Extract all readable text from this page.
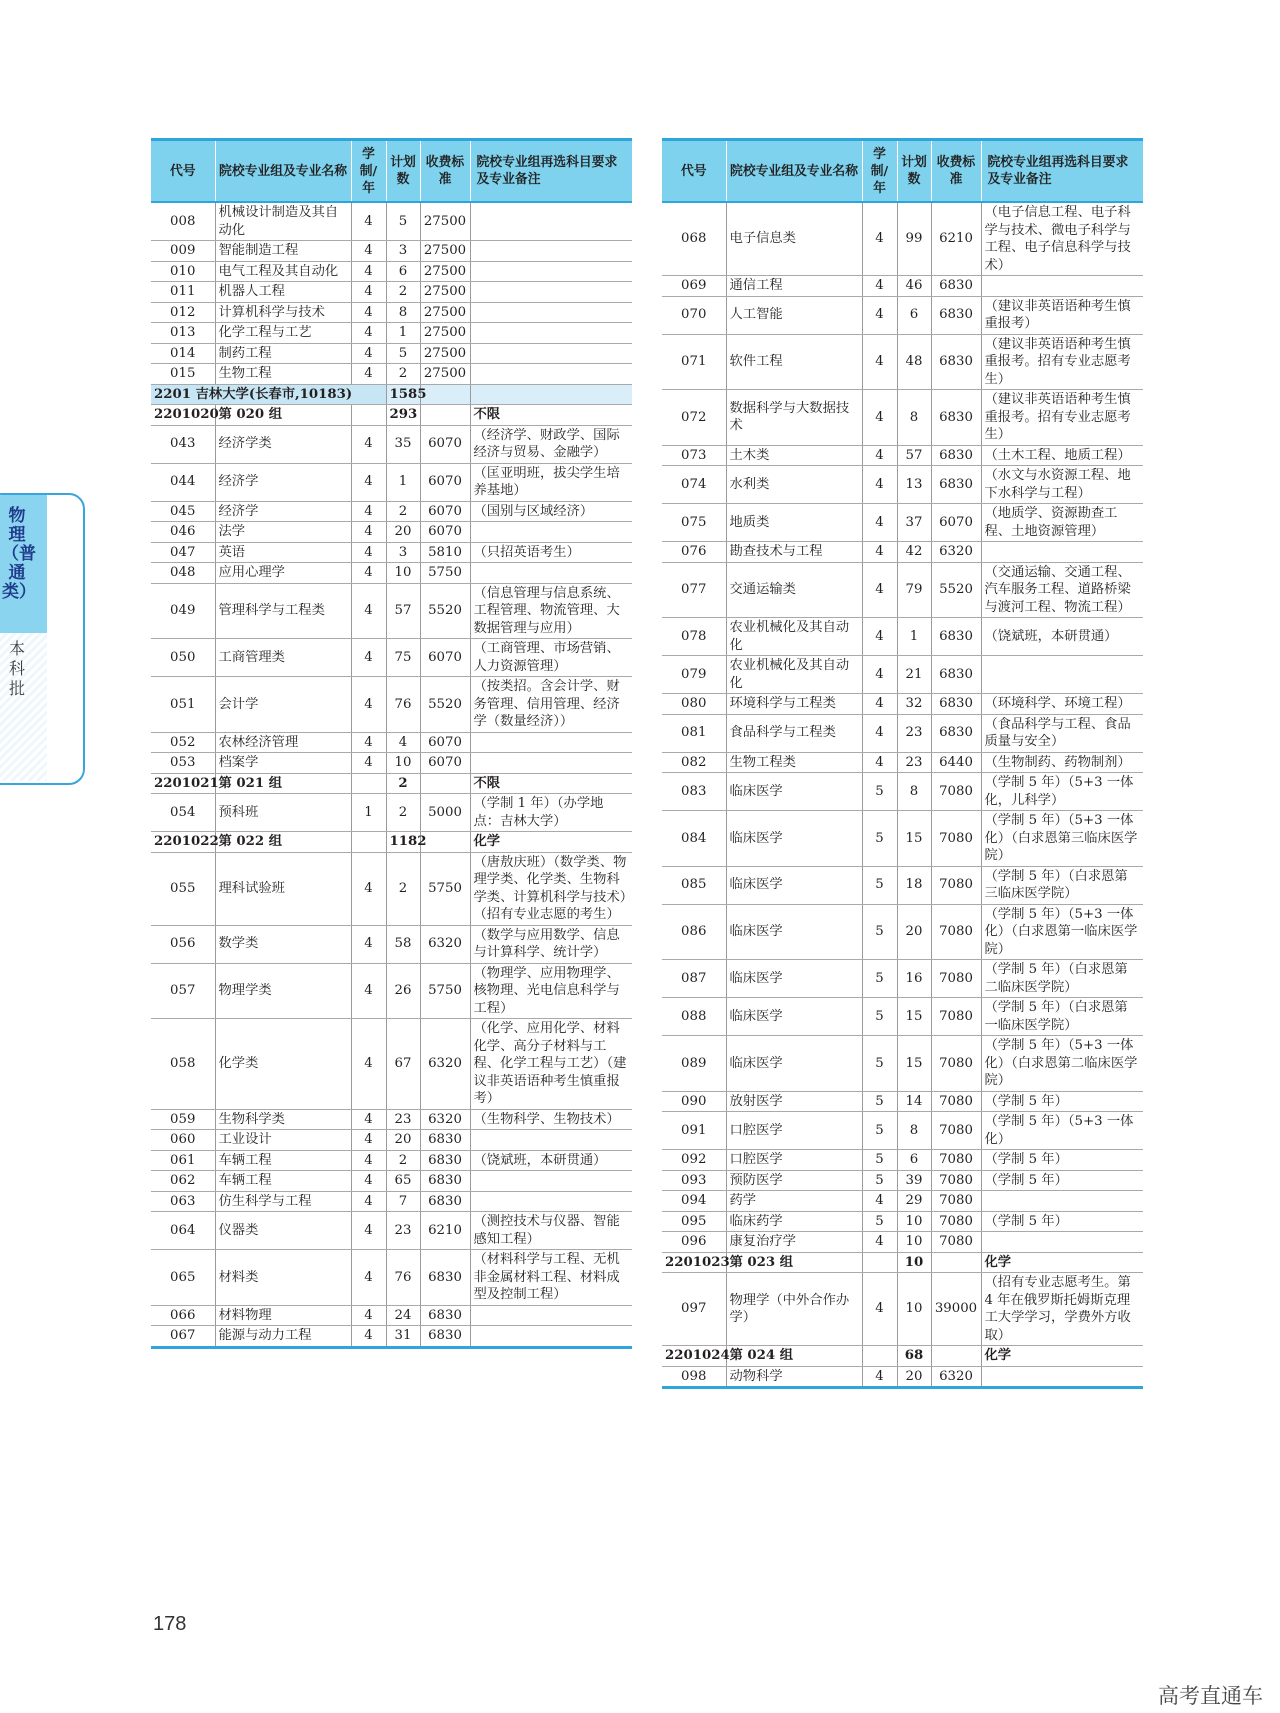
物理（普通类）
本科批
代号	院校专业组及专业名称	学制/年	计划数	收费标准	院校专业组再选科目要求及专业备注
008	机械设计制造及其自动化	4	5	27500	
009	智能制造工程	4	3	27500	
010	电气工程及其自动化	4	6	27500	
011	机器人工程	4	2	27500	
012	计算机科学与技术	4	8	27500	
013	化学工程与工艺	4	1	27500	
014	制药工程	4	5	27500	
015	生物工程	4	2	27500	
2201 吉林大学(长春市,10183)			1585		
2201020	第 020 组		293		不限
043	经济学类	4	35	6070	（经济学、财政学、国际经济与贸易、金融学）
044	经济学	4	1	6070	（匡亚明班，拔尖学生培养基地）
045	经济学	4	2	6070	（国别与区域经济）
046	法学	4	20	6070	
047	英语	4	3	5810	（只招英语考生）
048	应用心理学	4	10	5750	
049	管理科学与工程类	4	57	5520	（信息管理与信息系统、工程管理、物流管理、大数据管理与应用）
050	工商管理类	4	75	6070	（工商管理、市场营销、人力资源管理）
051	会计学	4	76	5520	（按类招。含会计学、财务管理、信用管理、经济学（数量经济））
052	农林经济管理	4	4	6070	
053	档案学	4	10	6070	
2201021	第 021 组		2		不限
054	预科班	1	2	5000	（学制 1 年）（办学地点：吉林大学）
2201022	第 022 组		1182		化学
055	理科试验班	4	2	5750	（唐敖庆班）（数学类、物理学类、化学类、生物科学类、计算机科学与技术）（招有专业志愿的考生）
056	数学类	4	58	6320	（数学与应用数学、信息与计算科学、统计学）
057	物理学类	4	26	5750	（物理学、应用物理学、核物理、光电信息科学与工程）
058	化学类	4	67	6320	（化学、应用化学、材料化学、高分子材料与工程、化学工程与工艺）（建议非英语语种考生慎重报考）
059	生物科学类	4	23	6320	（生物科学、生物技术）
060	工业设计	4	20	6830	
061	车辆工程	4	2	6830	（饶斌班，本研贯通）
062	车辆工程	4	65	6830	
063	仿生科学与工程	4	7	6830	
064	仪器类	4	23	6210	（测控技术与仪器、智能感知工程）
065	材料类	4	76	6830	（材料科学与工程、无机非金属材料工程、材料成型及控制工程）
066	材料物理	4	24	6830	
067	能源与动力工程	4	31	6830	
代号	院校专业组及专业名称	学制/年	计划数	收费标准	院校专业组再选科目要求及专业备注
068	电子信息类	4	99	6210	（电子信息工程、电子科学与技术、微电子科学与工程、电子信息科学与技术）
069	通信工程	4	46	6830	
070	人工智能	4	6	6830	（建议非英语语种考生慎重报考）
071	软件工程	4	48	6830	（建议非英语语种考生慎重报考。招有专业志愿考生）
072	数据科学与大数据技术	4	8	6830	（建议非英语语种考生慎重报考。招有专业志愿考生）
073	土木类	4	57	6830	（土木工程、地质工程）
074	水利类	4	13	6830	（水文与水资源工程、地下水科学与工程）
075	地质类	4	37	6070	（地质学、资源勘查工程、土地资源管理）
076	勘查技术与工程	4	42	6320	
077	交通运输类	4	79	5520	（交通运输、交通工程、汽车服务工程、道路桥梁与渡河工程、物流工程）
078	农业机械化及其自动化	4	1	6830	（饶斌班，本研贯通）
079	农业机械化及其自动化	4	21	6830	
080	环境科学与工程类	4	32	6830	（环境科学、环境工程）
081	食品科学与工程类	4	23	6830	（食品科学与工程、食品质量与安全）
082	生物工程类	4	23	6440	（生物制药、药物制剂）
083	临床医学	5	8	7080	（学制 5 年）（5+3 一体化，儿科学）
084	临床医学	5	15	7080	（学制 5 年）（5+3 一体化）（白求恩第三临床医学院）
085	临床医学	5	18	7080	（学制 5 年）（白求恩第三临床医学院）
086	临床医学	5	20	7080	（学制 5 年）（5+3 一体化）（白求恩第一临床医学院）
087	临床医学	5	16	7080	（学制 5 年）（白求恩第二临床医学院）
088	临床医学	5	15	7080	（学制 5 年）（白求恩第一临床医学院）
089	临床医学	5	15	7080	（学制 5 年）（5+3 一体化）（白求恩第二临床医学院）
090	放射医学	5	14	7080	（学制 5 年）
091	口腔医学	5	8	7080	（学制 5 年）（5+3 一体化）
092	口腔医学	5	6	7080	（学制 5 年）
093	预防医学	5	39	7080	（学制 5 年）
094	药学	4	29	7080	
095	临床药学	5	10	7080	（学制 5 年）
096	康复治疗学	4	10	7080	
2201023	第 023 组		10		化学
097	物理学（中外合作办学）	4	10	39000	（招有专业志愿考生。第 4 年在俄罗斯托姆斯克理工大学学习，学费外方收取）
2201024	第 024 组		68		化学
098	动物科学	4	20	6320	
178
高考直通车
